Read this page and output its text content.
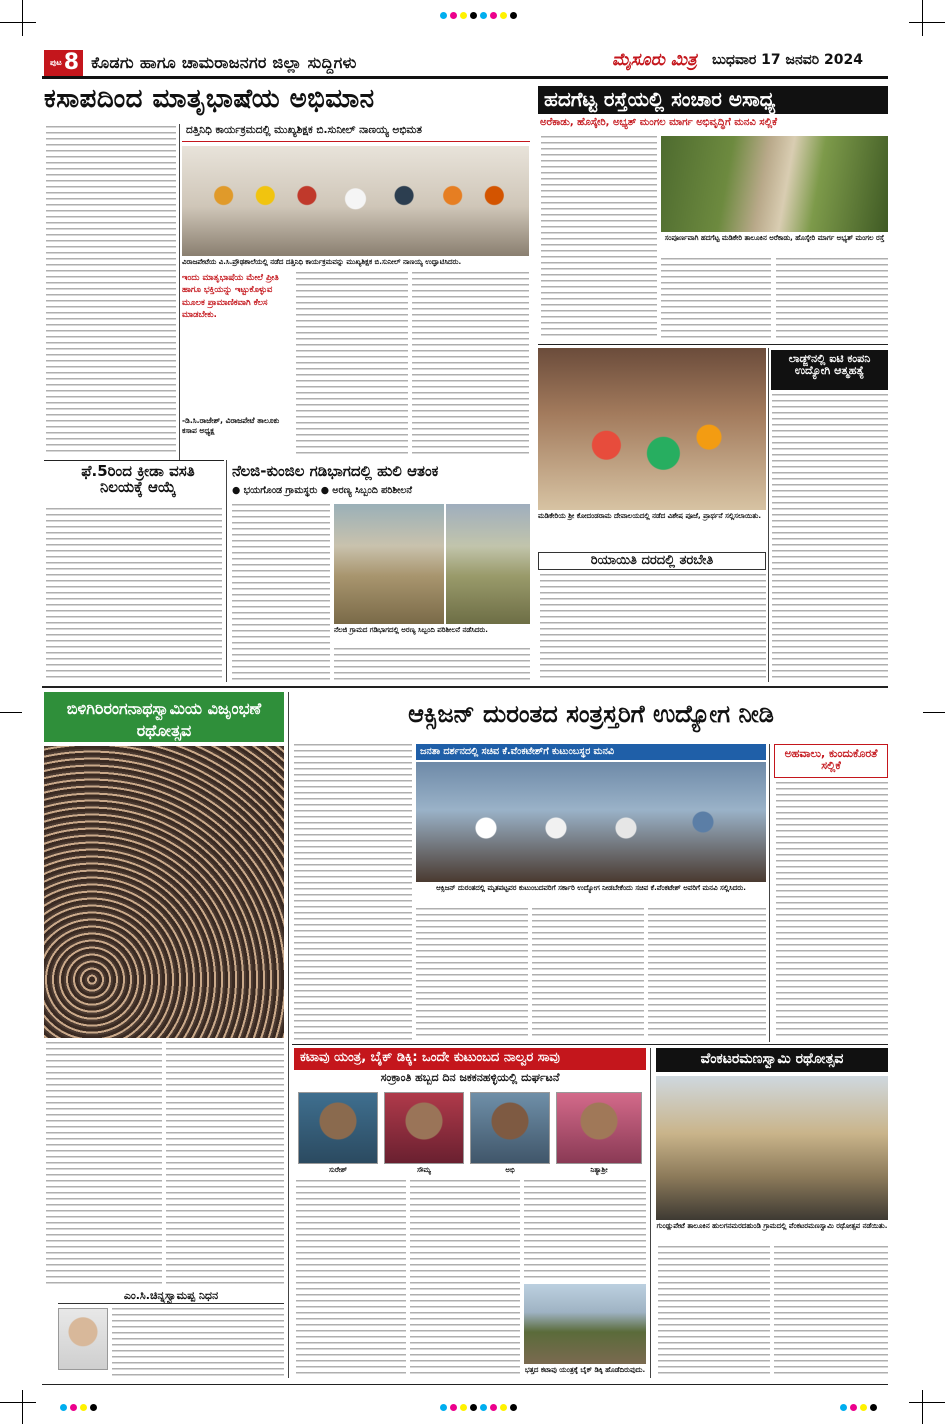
ಪುಟ 8 ಕೊಡಗು ಹಾಗೂ ಚಾಮರಾಜನಗರ ಜಿಲ್ಲಾ ಸುದ್ದಿಗಳು	ಮೈಸೂರು ಮಿತ್ರ ಬುಧವಾರ 17 ಜನವರಿ 2024
ಕಸಾಪದಿಂದ ಮಾತೃಭಾಷೆಯ ಅಭಿಮಾನ
ದತ್ತಿನಿಧಿ ಕಾರ್ಯಕ್ರಮದಲ್ಲಿ ಮುಖ್ಯಶಿಕ್ಷಕ ಬಿ.ಸುನೀಲ್ ನಾಣಯ್ಯ ಅಭಿಮತ
ವಿರಾಜಪೇಟೆಯ ವಿ.ಸಿ.ಪ್ರೌಢಶಾಲೆಯಲ್ಲಿ ನಡೆದ ದತ್ತಿನಿಧಿ ಕಾರ್ಯಕ್ರಮವನ್ನು ಮುಖ್ಯಶಿಕ್ಷಕ ಬಿ.ಸುನೀಲ್ ನಾಣಯ್ಯ ಉದ್ಘಾಟಿಸಿದರು.
ಇಂದು ಮಾತೃಭಾಷೆಯ ಮೇಲೆ ಪ್ರೀತಿ ಹಾಗೂ ಭಕ್ತಿಯನ್ನು ಇಟ್ಟುಕೊಳ್ಳುವ ಮೂಲಕ ಪ್ರಾಮಾಣಿಕವಾಗಿ ಕೆಲಸ ಮಾಡಬೇಕು.
-ಡಿ.ಸಿ.ರಾಜೇಶ್, ವಿರಾಜಪೇಟೆ ತಾಲೂಕು ಕಸಾಪ ಅಧ್ಯಕ್ಷ
ಹದಗೆಟ್ಟ ರಸ್ತೆಯಲ್ಲಿ ಸಂಚಾರ ಅಸಾಧ್ಯ
ಅರೆಕಾಡು, ಹೊಸ್ಕೇರಿ, ಅಭ್ಯತ್ ಮಂಗಲ ಮಾರ್ಗ ಅಭಿವೃದ್ಧಿಗೆ ಮನವಿ ಸಲ್ಲಿಕೆ
ಸಂಪೂರ್ಣವಾಗಿ ಹದಗೆಟ್ಟ ಮಡಿಕೇರಿ ತಾಲೂಕಿನ ಅರೆಕಾಡು, ಹೊಸ್ಕೇರಿ ಮಾರ್ಗ ಅಭ್ಯತ್ ಮಂಗಲ ರಸ್ತೆ
ಮಡಿಕೇರಿಯ ಶ್ರೀ ಕೋದಂಡರಾಮ ದೇವಾಲಯದಲ್ಲಿ ನಡೆದ ವಿಶೇಷ ಪೂಜೆ, ಪ್ರಾರ್ಥನೆ ಸಲ್ಲಿಸಲಾಯಿತು.
ಲಾಡ್ಜ್‌ನಲ್ಲಿ ಐಟಿ ಕಂಪನಿ ಉದ್ಯೋಗಿ ಆತ್ಮಹತ್ಯೆ
ರಿಯಾಯಿತಿ ದರದಲ್ಲಿ ತರಬೇತಿ
ಫೆ.5ರಿಂದ ಕ್ರೀಡಾ ವಸತಿ ನಿಲಯಕ್ಕೆ ಆಯ್ಕೆ
ನೆಲಜಿ-ಕುಂಜಿಲ ಗಡಿಭಾಗದಲ್ಲಿ ಹುಲಿ ಆತಂಕ
● ಭಯಗೊಂಡ ಗ್ರಾಮಸ್ಥರು ● ಅರಣ್ಯ ಸಿಬ್ಬಂದಿ ಪರಿಶೀಲನೆ
ನೆಲಜಿ ಗ್ರಾಮದ ಗಡಿಭಾಗದಲ್ಲಿ ಅರಣ್ಯ ಸಿಬ್ಬಂದಿ ಪರಿಶೀಲನೆ ನಡೆಸಿದರು.
ಬಿಳಿಗಿರಿರಂಗನಾಥಸ್ವಾಮಿಯ ವಿಜೃಂಭಣೆ ರಥೋತ್ಸವ
ಎಂ.ಸಿ.ಚಿನ್ನಸ್ವಾಮಪ್ಪ ನಿಧನ
ಆಕ್ಸಿಜನ್ ದುರಂತದ ಸಂತ್ರಸ್ತರಿಗೆ ಉದ್ಯೋಗ ನೀಡಿ
ಜನತಾ ದರ್ಶನದಲ್ಲಿ ಸಚಿವ ಕೆ.ವೆಂಕಟೇಶ್‌ಗೆ ಕುಟುಂಬಸ್ಥರ ಮನವಿ
ಆಕ್ಸಿಜನ್ ದುರಂತದಲ್ಲಿ ಮೃತಪಟ್ಟವರ ಕುಟುಂಬದವರಿಗೆ ಸರ್ಕಾರಿ ಉದ್ಯೋಗ ನೀಡಬೇಕೆಂದು ಸಚಿವ ಕೆ.ವೆಂಕಟೇಶ್ ಅವರಿಗೆ ಮನವಿ ಸಲ್ಲಿಸಿದರು.
ಅಹವಾಲು, ಕುಂದುಕೊರತೆ ಸಲ್ಲಿಕೆ
ಕಟಾವು ಯಂತ್ರ, ಬೈಕ್ ಡಿಕ್ಕಿ: ಒಂದೇ ಕುಟುಂಬದ ನಾಲ್ವರ ಸಾವು
ಸಂಕ್ರಾಂತಿ ಹಬ್ಬದ ದಿನ ಜಕಕನಹಳ್ಳಿಯಲ್ಲಿ ದುರ್ಘಟನೆ
ಸುರೇಶ್	ಸೌಮ್ಯ	ಅಭಿ	ನಿತ್ಯಾಶ್ರೀ
ಭತ್ತದ ಕಟಾವು ಯಂತ್ರಕ್ಕೆ ಬೈಕ್ ಡಿಕ್ಕಿ ಹೊಡೆದಿರುವುದು.
ವೆಂಕಟರಮಣಸ್ವಾಮಿ ರಥೋತ್ಸವ
ಗುಂಡ್ಲುಪೇಟೆ ತಾಲೂಕಿನ ಹುಲಗನಮರದಹುಂಡಿ ಗ್ರಾಮದಲ್ಲಿ ವೆಂಕಟರಮಣಸ್ವಾಮಿ ರಥೋತ್ಸವ ನಡೆಯಿತು.
